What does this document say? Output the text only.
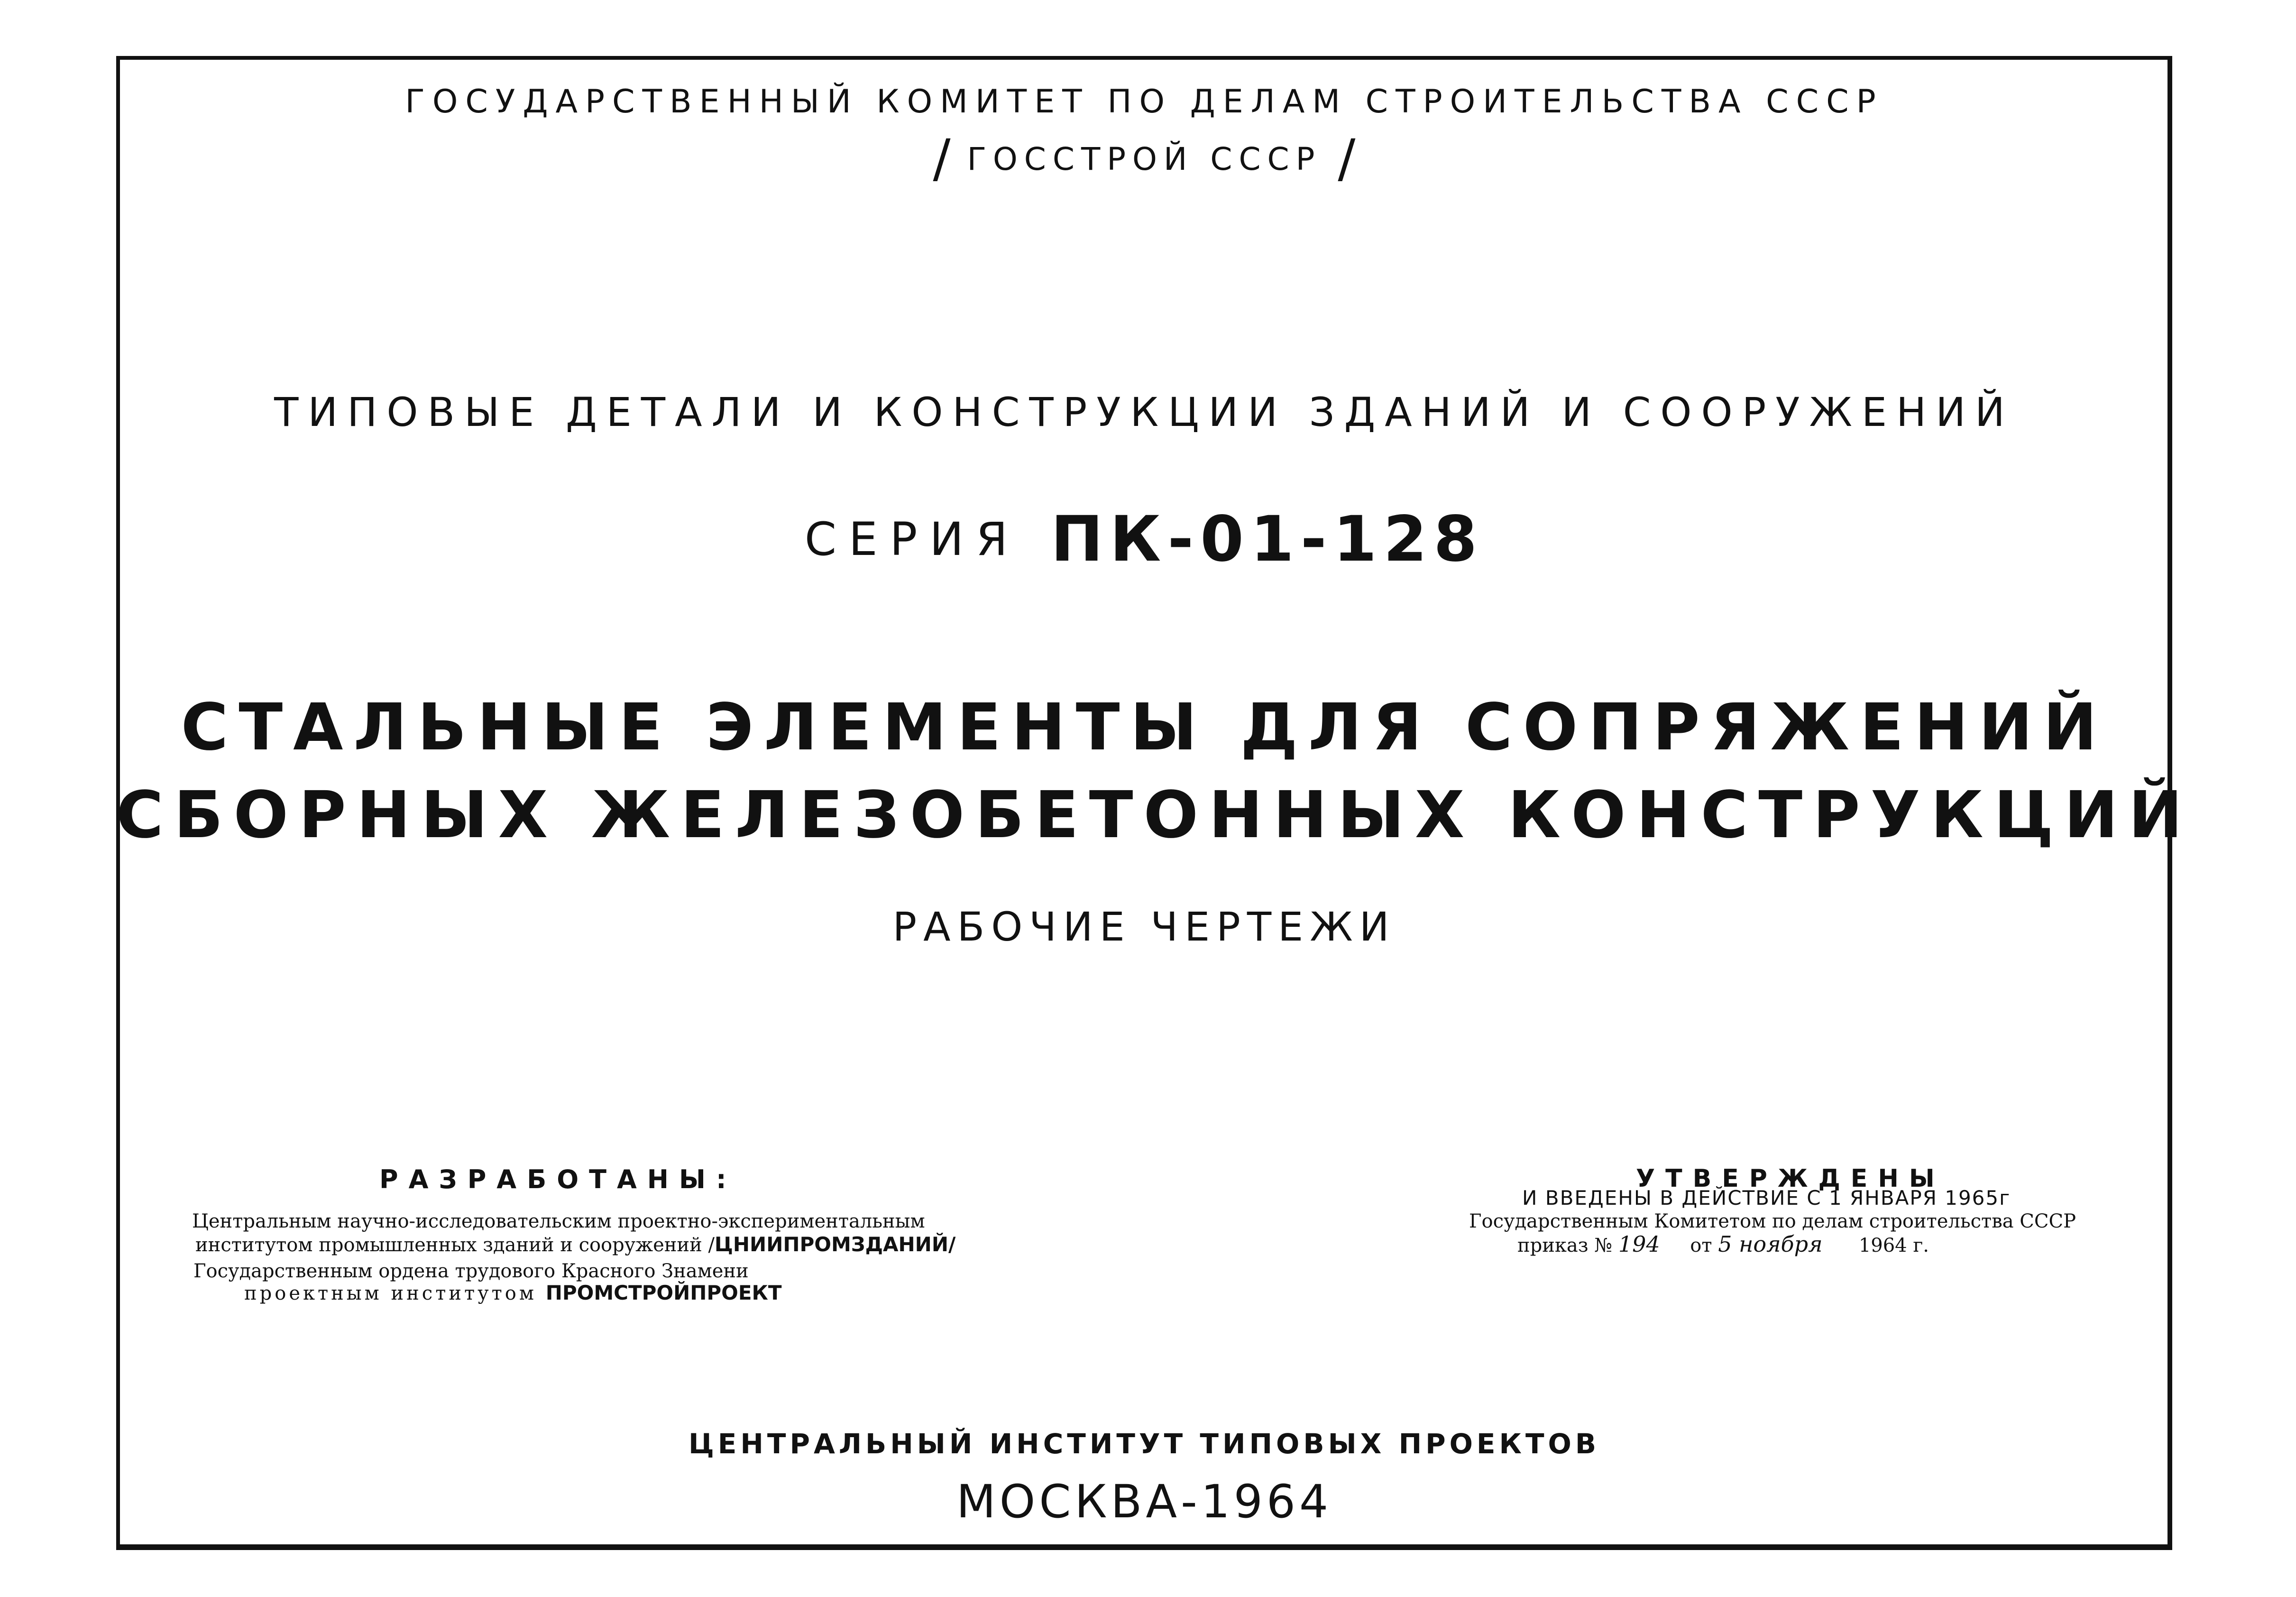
ГОСУДАРСТВЕННЫЙ КОМИТЕТ ПО ДЕЛАМ СТРОИТЕЛЬСТВА СССР
/ ГОССТРОЙ СССР /
ТИПОВЫЕ ДЕТАЛИ И КОНСТРУКЦИИ ЗДАНИЙ И СООРУЖЕНИЙ
СЕРИЯ ПК-01-128
СТАЛЬНЫЕ ЭЛЕМЕНТЫ ДЛЯ СОПРЯЖЕНИЙ
СБОРНЫХ ЖЕЛЕЗОБЕТОННЫХ КОНСТРУКЦИЙ
РАБОЧИЕ ЧЕРТЕЖИ
РАЗРАБОТАНЫ:
Центральным научно-исследовательским проектно-экспериментальным
институтом промышленных зданий и сооружений /ЦНИИПРОМЗДАНИЙ/
Государственным ордена трудового Красного Знамени
проектным институтом ПРОМСТРОЙПРОЕКТ
УТВЕРЖДЕНЫ
И ВВЕДЕНЫ В ДЕЙСТВИЕ С 1 ЯНВАРЯ 1965г
Государственным Комитетом по делам строительства СССР
приказ № 194 от 5 ноября 1964 г.
ЦЕНТРАЛЬНЫЙ ИНСТИТУТ ТИПОВЫХ ПРОЕКТОВ
МОСКВА-1964
